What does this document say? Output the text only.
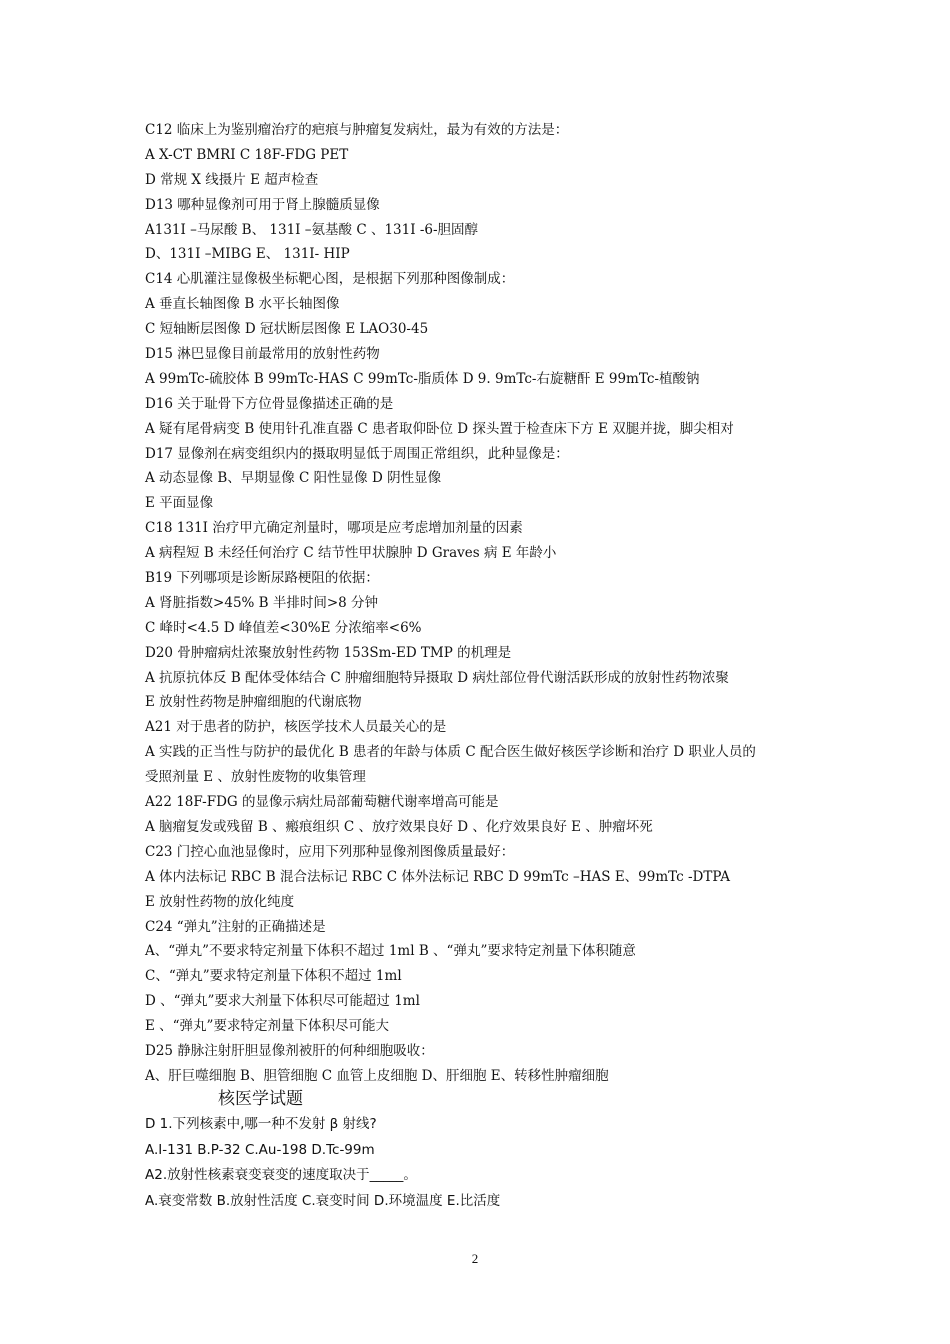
C12 临床上为鉴别瘤治疗的疤痕与肿瘤复发病灶，最为有效的方法是：
A X-CT BMRI C 18F-FDG PET
D 常规 X 线摄片 E 超声检查
D13 哪种显像剂可用于肾上腺髓质显像
A131I –马尿酸 B、 131I –氨基酸 C 、131I -6-胆固醇
D、131I –MIBG E、 131I- HIP
C14 心肌灌注显像极坐标靶心图，是根据下列那种图像制成：
A 垂直长轴图像 B 水平长轴图像
C 短轴断层图像 D 冠状断层图像 E LAO30-45
D15 淋巴显像目前最常用的放射性药物
A 99mTc-硫胶体 B 99mTc-HAS C 99mTc-脂质体 D 9. 9mTc-右旋糖酐 E 99mTc-植酸钠
D16 关于耻骨下方位骨显像描述正确的是
A 疑有尾骨病变 B 使用针孔准直器 C 患者取仰卧位 D 探头置于检查床下方 E 双腿并拢，脚尖相对
D17 显像剂在病变组织内的摄取明显低于周围正常组织，此种显像是：
A 动态显像 B、早期显像 C 阳性显像 D 阴性显像
E 平面显像
C18 131I 治疗甲亢确定剂量时，哪项是应考虑增加剂量的因素
A 病程短 B 未经任何治疗 C 结节性甲状腺肿 D Graves 病 E 年龄小
B19 下列哪项是诊断尿路梗阻的依据：
A 肾脏指数>45% B 半排时间>8 分钟
C 峰时<4.5 D 峰值差<30%E 分浓缩率<6%
D20 骨肿瘤病灶浓聚放射性药物 153Sm-ED TMP 的机理是
A 抗原抗体反 B 配体受体结合 C 肿瘤细胞特异摄取 D 病灶部位骨代谢活跃形成的放射性药物浓聚
E 放射性药物是肿瘤细胞的代谢底物
A21 对于患者的防护，核医学技术人员最关心的是
A 实践的正当性与防护的最优化 B 患者的年龄与体质 C 配合医生做好核医学诊断和治疗 D 职业人员的
受照剂量 E 、放射性废物的收集管理
A22 18F-FDG 的显像示病灶局部葡萄糖代谢率增高可能是
A 脑瘤复发或残留 B 、瘢痕组织 C 、放疗效果良好 D 、化疗效果良好 E 、肿瘤坏死
C23 门控心血池显像时，应用下列那种显像剂图像质量最好：
A 体内法标记 RBC B 混合法标记 RBC C 体外法标记 RBC D 99mTc –HAS E、99mTc -DTPA
E 放射性药物的放化纯度
C24 “弹丸”注射的正确描述是
A、“弹丸”不要求特定剂量下体积不超过 1ml B 、“弹丸”要求特定剂量下体积随意
C、“弹丸”要求特定剂量下体积不超过 1ml
D 、“弹丸”要求大剂量下体积尽可能超过 1ml
E 、“弹丸”要求特定剂量下体积尽可能大
D25 静脉注射肝胆显像剂被肝的何种细胞吸收：
A、肝巨噬细胞 B、胆管细胞 C 血管上皮细胞 D、肝细胞 E、转移性肿瘤细胞
核医学试题
D 1.下列核素中,哪一种不发射 β 射线?
A.I-131 B.P-32 C.Au-198 D.Tc-99m
A2.放射性核素衰变衰变的速度取决于_____。
A.衰变常数 B.放射性活度 C.衰变时间 D.环境温度 E.比活度
2
